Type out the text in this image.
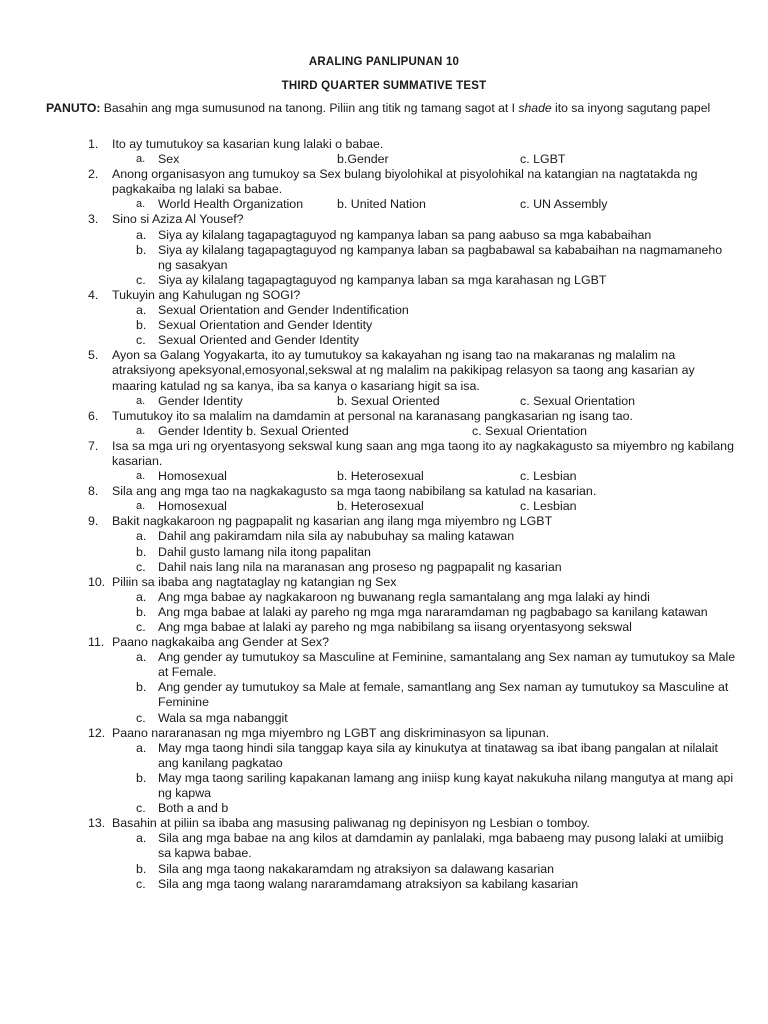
ARALING PANLIPUNAN 10
THIRD QUARTER SUMMATIVE TEST
PANUTO: Basahin ang mga sumusunod na tanong. Piliin ang titik ng tamang sagot at I shade ito sa inyong sagutang papel
1. Ito ay tumutukoy sa kasarian kung lalaki o babae.
a. Sex	b.Gender	c. LGBT
2. Anong organisasyon ang tumukoy sa Sex bulang biyolohikal at pisyolohikal na katangian na nagtatakda ng pagkakaiba ng lalaki sa babae.
a. World Health Organization	b. United Nation	c. UN Assembly
3. Sino si Aziza Al Yousef?
a. Siya ay kilalang tagapagtaguyod ng kampanya laban sa pang aabuso sa mga kababaihan
b. Siya ay kilalang tagapagtaguyod ng kampanya laban sa pagbabawal sa kababaihan na nagmamaneho ng sasakyan
c. Siya ay kilalang tagapagtaguyod ng kampanya laban sa mga karahasan ng LGBT
4. Tukuyin ang Kahulugan ng SOGI?
a. Sexual Orientation and Gender Indentification
b. Sexual Orientation and Gender Identity
c. Sexual Oriented and Gender Identity
5. Ayon sa Galang Yogyakarta, ito ay tumutukoy sa kakayahan ng isang tao na makaranas ng malalim na atraksiyong apeksyonal,emosyonal,sekswal at ng malalim na pakikipag relasyon sa taong ang kasarian ay maaring katulad ng sa kanya, iba sa kanya o kasariang higit sa isa.
a. Gender Identity	b. Sexual Oriented	c. Sexual Orientation
6. Tumutukoy ito sa malalim na damdamin at personal na karanasang pangkasarian ng isang tao.
a. Gender Identity b. Sexual Oriented	c. Sexual Orientation
7. Isa sa mga uri ng oryentasyong sekswal kung saan ang mga taong ito ay nagkakagusto sa miyembro ng kabilang kasarian.
a. Homosexual	b. Heterosexual	c. Lesbian
8. Sila ang ang mga tao na nagkakagusto sa mga taong nabibilang sa katulad na kasarian.
a. Homosexual	b. Heterosexual	c. Lesbian
9. Bakit nagkakaroon ng pagpapalit ng kasarian ang ilang mga miyembro ng LGBT
a. Dahil ang pakiramdam nila sila ay nabubuhay sa maling katawan
b. Dahil gusto lamang nila itong papalitan
c. Dahil nais lang nila na maranasan ang proseso ng pagpapalit ng kasarian
10. Piliin sa ibaba ang nagtataglay ng katangian ng Sex
a. Ang mga babae ay nagkakaroon ng buwanang regla samantalang ang mga lalaki ay hindi
b. Ang mga babae at lalaki ay pareho ng mga mga nararamdaman ng pagbabago sa kanilang katawan
c. Ang mga babae at lalaki ay pareho ng mga nabibilang sa iisang oryentasyong sekswal
11. Paano nagkakaiba ang Gender at Sex?
a. Ang gender ay tumutukoy sa Masculine at Feminine, samantalang ang Sex naman ay tumutukoy sa Male at Female.
b. Ang gender ay tumutukoy sa Male at female, samantlang ang Sex naman ay tumutukoy sa Masculine at Feminine
c. Wala sa mga nabanggit
12. Paano nararanasan ng mga miyembro ng LGBT ang diskriminasyon sa lipunan.
a. May mga taong hindi sila tanggap kaya sila ay kinukutya at tinatawag sa ibat ibang pangalan at nilalait ang kanilang pagkatao
b. May mga taong sariling kapakanan lamang ang iniisp kung kayat nakukuha nilang mangutya at mang api ng kapwa
c. Both a and b
13. Basahin at piliin sa ibaba ang masusing paliwanag ng depinisyon ng Lesbian o tomboy.
a. Sila ang mga babae na ang kilos at damdamin ay panlalaki, mga babaeng may pusong lalaki at umiibig sa kapwa babae.
b. Sila ang mga taong nakakaramdam ng atraksiyon sa dalawang kasarian
c. Sila ang mga taong walang nararamdamang atraksiyon sa kabilang kasarian
